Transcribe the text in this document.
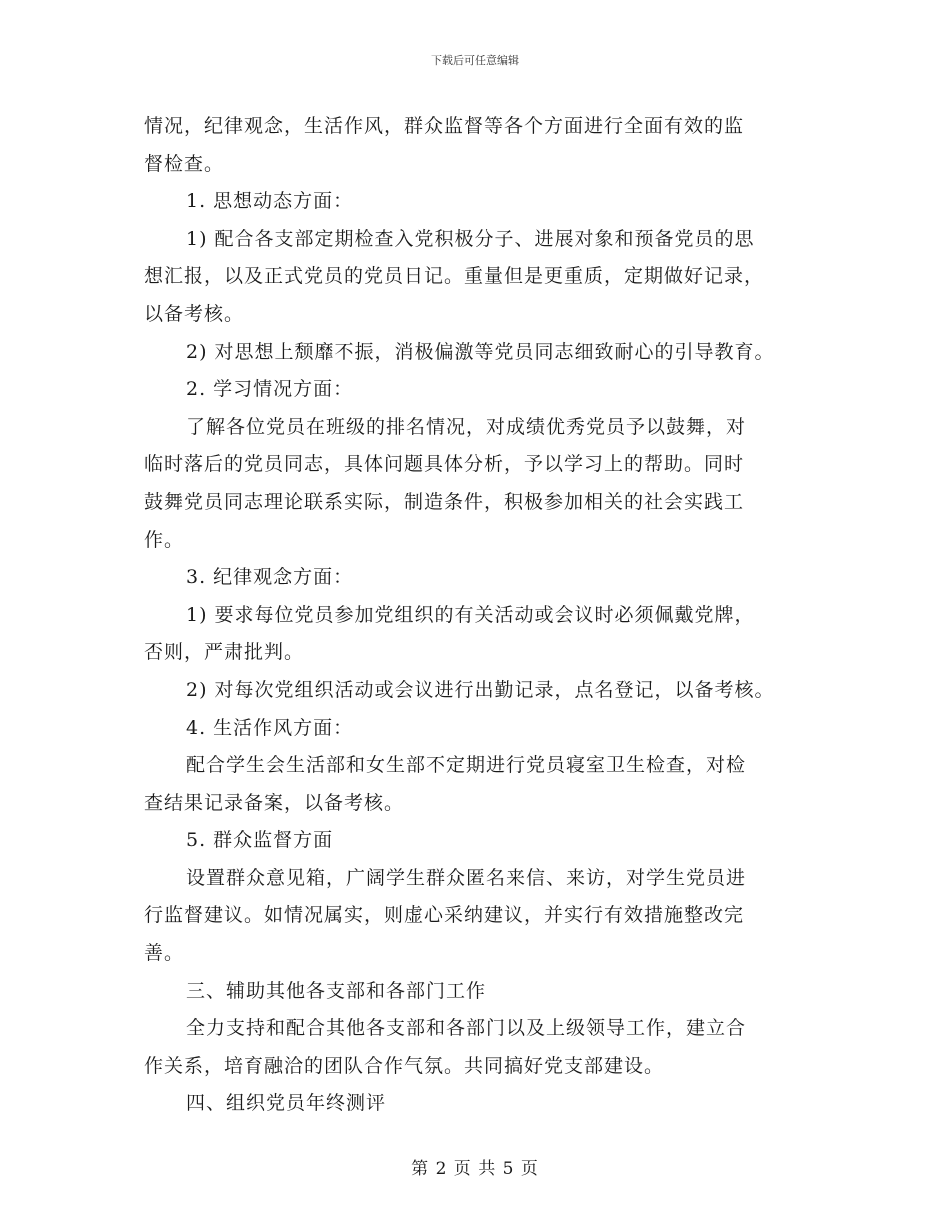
下载后可任意编辑
情况，纪律观念，生活作风，群众监督等各个方面进行全面有效的监
督检查。
1. 思想动态方面：
1) 配合各支部定期检查入党积极分子、进展对象和预备党员的思
想汇报，以及正式党员的党员日记。重量但是更重质，定期做好记录，
以备考核。
2) 对思想上颓靡不振，消极偏激等党员同志细致耐心的引导教育。
2. 学习情况方面：
了解各位党员在班级的排名情况，对成绩优秀党员予以鼓舞，对
临时落后的党员同志，具体问题具体分析，予以学习上的帮助。同时
鼓舞党员同志理论联系实际，制造条件，积极参加相关的社会实践工
作。
3. 纪律观念方面：
1) 要求每位党员参加党组织的有关活动或会议时必须佩戴党牌，
否则，严肃批判。
2) 对每次党组织活动或会议进行出勤记录，点名登记，以备考核。
4. 生活作风方面：
配合学生会生活部和女生部不定期进行党员寝室卫生检查，对检
查结果记录备案，以备考核。
5. 群众监督方面
设置群众意见箱，广阔学生群众匿名来信、来访，对学生党员进
行监督建议。如情况属实，则虚心采纳建议，并实行有效措施整改完
善。
三、辅助其他各支部和各部门工作
全力支持和配合其他各支部和各部门以及上级领导工作，建立合
作关系，培育融洽的团队合作气氛。共同搞好党支部建设。
四、组织党员年终测评
第 2 页 共 5 页
